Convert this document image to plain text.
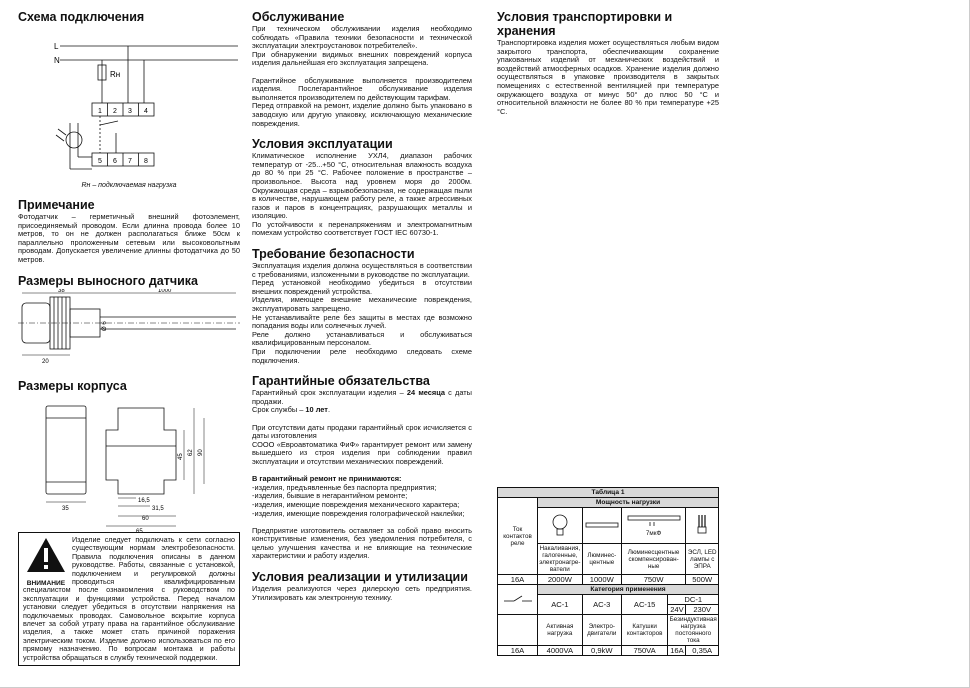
Схема подключения
L
N
Rн
1 2 3 4
5 6 7 8
Rн – подключаемая нагрузка
Примечание

Фотодатчик – герметичный внешний фотоэлемент, присоединяемый проводом. Если длинна провода более 10 метров, то он не должен располагаться ближе 50см к параллельно проложенным сетевым или высоковольтным проводам. Допускается увеличение длинны фотодатчика до 50 метров.

Размеры выносного датчика
38	1000
20
Ø 6
Размеры корпуса
35
16,5
31,5
60
65
45
62 90
ВНИМАНИЕ

Изделие следует подключать к сети согласно существующим нормам электробезопасности. Правила подключения описаны в данном руководстве. Работы, связанные с установкой, подключением и регулировкой должны проводиться квалифицированным специалистом после ознакомления с руководством по эксплуатации и функциями устройства. Перед началом установки следует убедиться в отсутствии напряжения на подключаемых проводах. Самовольное вскрытие корпуса влечет за собой утрату права на гарантийное обслуживание изделия, а также может стать причиной поражения электрическим током. Изделие должно использоваться по его прямому назначению. По вопросам монтажа и работы устройства обращаться в службу технической поддержки.

Обслуживание

При техническом обслуживании изделия необходимо соблюдать «Правила техники безопасности и технической эксплуатации электроустановок потребителей».

При обнаружении видимых внешних повреждений корпуса изделия дальнейшая его эксплуатация запрещена.

Гарантийное обслуживание выполняется производителем изделия. Послегарантийное обслуживание изделия выполняется производителем по действующим тарифам.

Перед отправкой на ремонт, изделие должно быть упаковано в заводскую или другую упаковку, исключающую механические повреждения.

Условия эксплуатации

Климатическое исполнение УХЛ4, диапазон рабочих температур от -25...+50 °С, относительная влажность воздуха до 80 % при 25 °С. Рабочее положение в пространстве – произвольное. Высота над уровнем моря до 2000м. Окружающая среда – взрывобезопасная, не содержащая пыли в количестве, нарушающем работу реле, а также агрессивных газов и паров в концентрациях, разрушающих металлы и изоляцию.

По устойчивости к перенапряжениям и электромагнитным помехам устройство соответствует ГОСТ IEC 60730-1.

Требование безопасности

Эксплуатация изделия должна осуществляться в соответствии с требованиями, изложенными в руководстве по эксплуатации.

Перед установкой необходимо убедиться в отсутствии внешних повреждений устройства.

Изделия, имеющее внешние механические повреждения, эксплуатировать запрещено.

Не устанавливайте реле без защиты в местах где возможно попадания воды или солнечных лучей.

Реле должно устанавливаться и обслуживаться квалифицированным персоналом.

При подключении реле необходимо следовать схеме подключения.

Гарантийные обязательства

Гарантийный срок эксплуатации изделия – 24 месяца с даты продажи.

Срок службы – 10 лет.

При отсутствии даты продажи гарантийный срок исчисляется с даты изготовления

СООО «Евроавтоматика ФиФ» гарантирует ремонт или замену вышедшего из строя изделия при соблюдении правил эксплуатации и отсутствии механических повреждений.

В гарантийный ремонт не принимаются:

-изделия, предъявленные без паспорта предприятия;
-изделия, бывшие в негарантийном ремонте;
-изделия, имеющие повреждения механического характера;
-изделия, имеющие повреждения голографической наклейки;

Предприятие изготовитель оставляет за собой право вносить конструктивные изменения, без уведомления потребителя, с целью улучшения качества и не влияющие на технические характеристики и работу изделия.

Условия реализации и утилизации

Изделия реализуются через дилерскую сеть предприятия. Утилизировать как электронную технику.

Условия транспортировки и хранения

Транспортировка изделия может осуществляться любым видом закрытого транспорта, обеспечивающим сохранение упакованных изделий от механических воздействий и воздействий атмосферных осадков. Хранение изделия должно осуществляться в упаковке производителя в закрытых помещениях с естественной вентиляцией при температуре окружающего воздуха от минус 50° до плюс 50 °С и относительной влажности не более 80 % при температуре +25 °С.

Таблица 1					
Ток контактов реле	Мощность нагрузки				

7мкФ

	Накаливания, галогенные, электронагре- ватели	Люминес- центные	Люминесцентные скомпенсирован- ные		ЭСЛ, LED лампы с ЭПРА
16А	2000W	1000W	750W		500W
	Категория применения				
	AC-1	AC-3	AC-15	DC-1	
				24V	230V
	Активная нагрузка	Электро- двигатели	Катушки контакторов	Безиндуктивная нагрузка постоянного тока	
16А	4000VA	0,9kW	750VA	16A	0,35A
